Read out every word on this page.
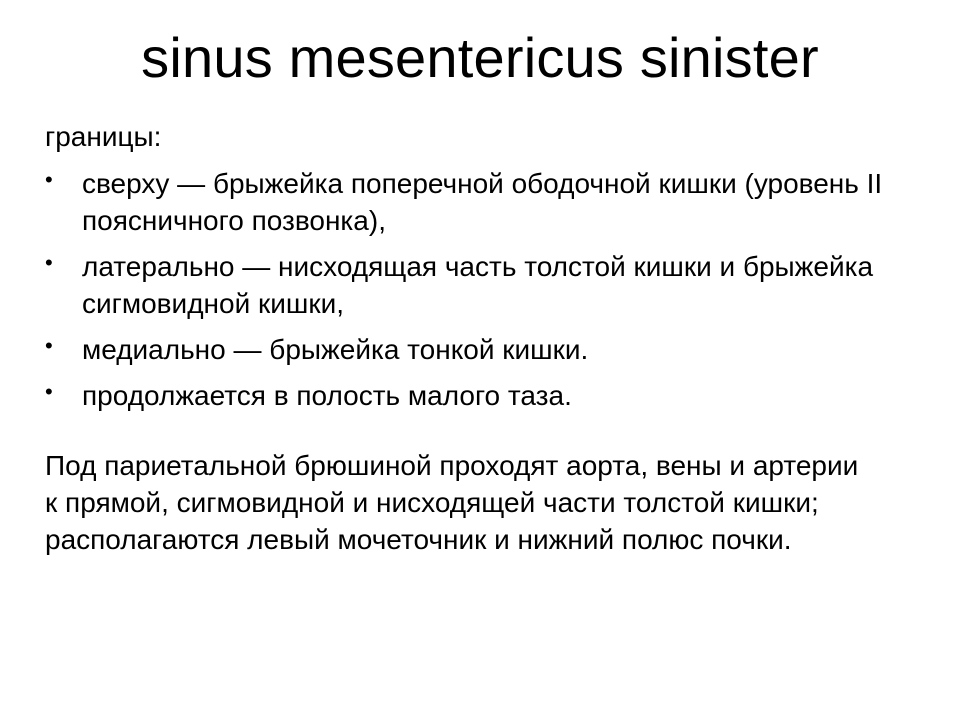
sinus mesentericus sinister

границы:

• сверху — брыжейка поперечной ободочной кишки (уровень II поясничного позвонка),
• латерально — нисходящая часть толстой кишки и брыжейка сигмовидной кишки,
• медиально — брыжейка тонкой кишки.
• продолжается в полость малого таза.

Под париетальной брюшиной проходят аорта, вены и артерии к прямой, сигмовидной и нисходящей части толстой кишки; располагаются левый мочеточник и нижний полюс почки.
